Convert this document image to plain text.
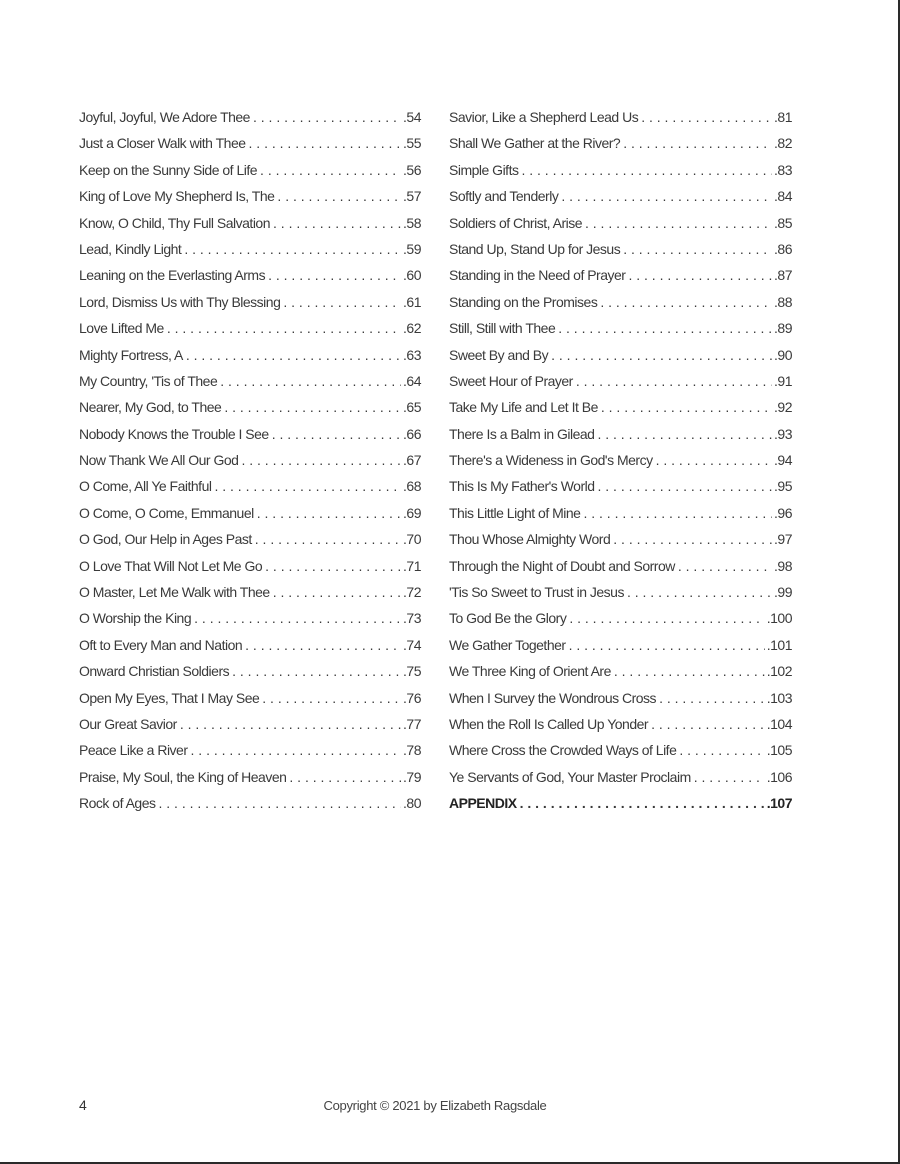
Joyful, Joyful, We Adore Thee . . .	.54
Just a Closer Walk with Thee . . .	.55
Keep on the Sunny Side of Life . . .	.56
King of Love My Shepherd Is, The . . .	.57
Know, O Child, Thy Full Salvation . . .	.58
Lead, Kindly Light . . .	.59
Leaning on the Everlasting Arms . . .	.60
Lord, Dismiss Us with Thy Blessing . . .	.61
Love Lifted Me . . .	.62
Mighty Fortress, A . . .	.63
My Country, 'Tis of Thee . . .	.64
Nearer, My God, to Thee . . .	.65
Nobody Knows the Trouble I See . . .	.66
Now Thank We All Our God . . .	.67
O Come, All Ye Faithful . . .	.68
O Come, O Come, Emmanuel . . .	.69
O God, Our Help in Ages Past . . .	.70
O Love That Will Not Let Me Go . . .	.71
O Master, Let Me Walk with Thee . . .	.72
O Worship the King . . .	.73
Oft to Every Man and Nation . . .	.74
Onward Christian Soldiers . . .	.75
Open My Eyes, That I May See . . .	.76
Our Great Savior . . .	.77
Peace Like a River . . .	.78
Praise, My Soul, the King of Heaven . . .	.79
Rock of Ages . . .	.80
Savior, Like a Shepherd Lead Us . . .	.81
Shall We Gather at the River? . . .	.82
Simple Gifts . . .	.83
Softly and Tenderly . . .	.84
Soldiers of Christ, Arise . . .	.85
Stand Up, Stand Up for Jesus . . .	.86
Standing in the Need of Prayer . . .	.87
Standing on the Promises . . .	.88
Still, Still with Thee . . .	.89
Sweet By and By . . .	.90
Sweet Hour of Prayer . . .	.91
Take My Life and Let It Be . . .	.92
There Is a Balm in Gilead . . .	.93
There's a Wideness in God's Mercy . . .	.94
This Is My Father's World . . .	.95
This Little Light of Mine . . .	.96
Thou Whose Almighty Word . . .	.97
Through the Night of Doubt and Sorrow . . .	.98
'Tis So Sweet to Trust in Jesus . . .	.99
To God Be the Glory . . .	.100
We Gather Together . . .	.101
We Three King of Orient Are . . .	.102
When I Survey the Wondrous Cross . . .	.103
When the Roll Is Called Up Yonder . . .	.104
Where Cross the Crowded Ways of Life . . .	.105
Ye Servants of God, Your Master Proclaim . . .	.106
APPENDIX . . .	.107
4	Copyright © 2021 by Elizabeth Ragsdale
